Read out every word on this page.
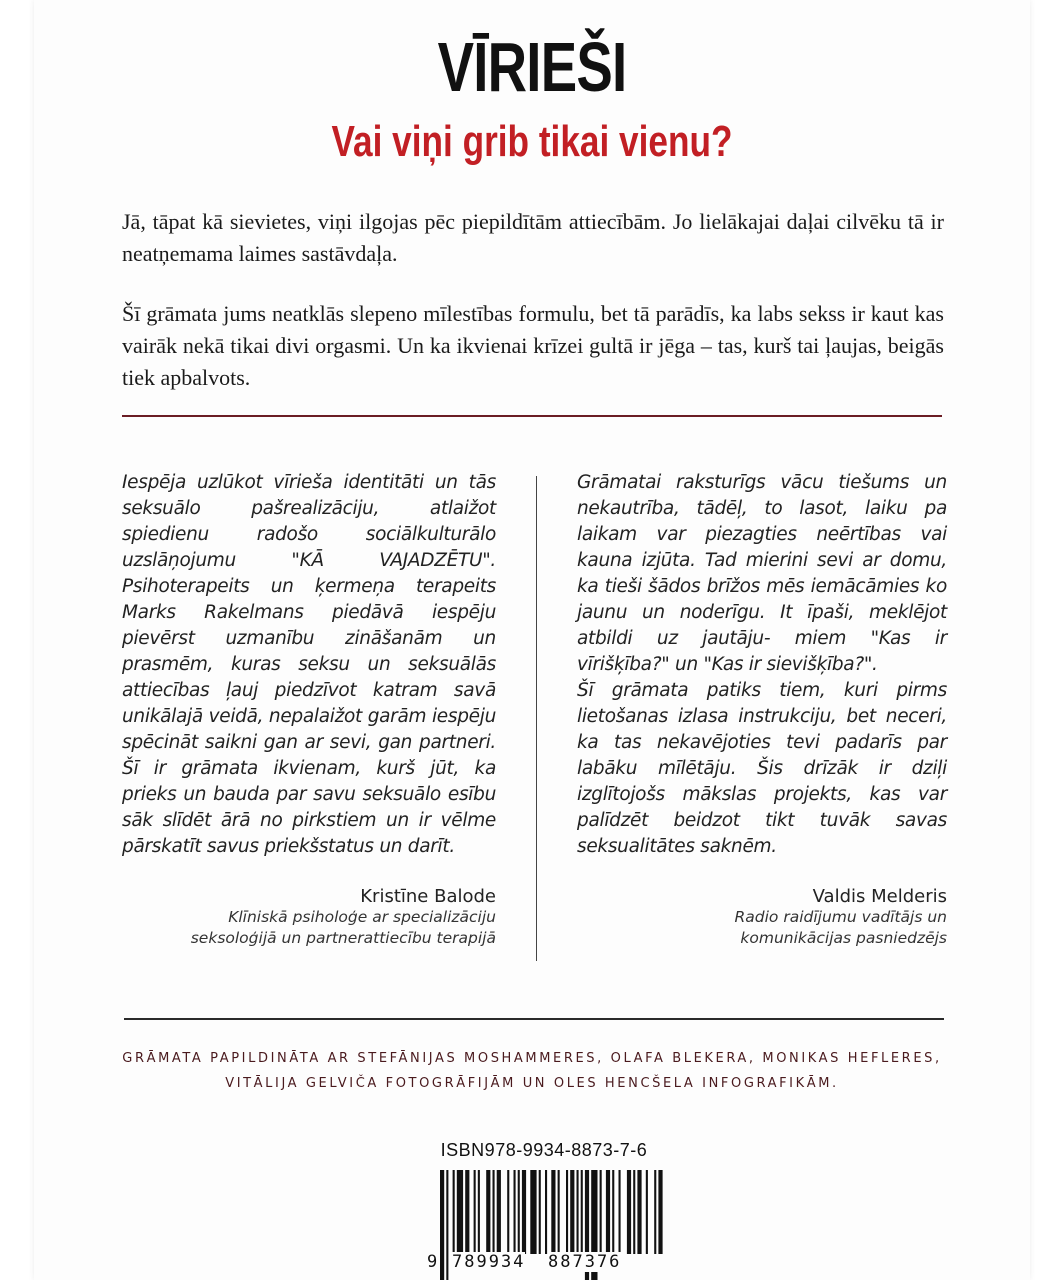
VĪRIEŠI
Vai viņi grib tikai vienu?

Jā, tāpat kā sievietes, viņi ilgojas pēc piepildītām attiecībām. Jo lielākajai daļai cilvēku tā ir neatņemama laimes sastāvdaļa.

Šī grāmata jums neatklās slepeno mīlestības formulu, bet tā parādīs, ka labs sekss ir kaut kas vairāk nekā tikai divi orgasmi. Un ka ikvienai krīzei gultā ir jēga – tas, kurš tai ļaujas, beigās tiek apbalvots.

Iespēja uzlūkot vīrieša identitāti un tās seksuālo pašrealizāciju, atlaižot spiedienu radošo sociālkulturālo uzslāņojumu "KĀ VAJADZĒTU". Psihoterapeits un ķermeņa terapeits Marks Rakelmans piedāvā iespēju pievērst uzmanību zināšanām un prasmēm, kuras seksu un seksuālās attiecības ļauj piedzīvot katram savā unikālajā veidā, nepalaižot garām iespēju spēcināt saikni gan ar sevi, gan partneri. Šī ir grāmata ikvienam, kurš jūt, ka prieks un bauda par savu seksuālo esību sāk slīdēt ārā no pirkstiem un ir vēlme pārskatīt savus priekšstatus un darīt.

Grāmatai raksturīgs vācu tiešums un nekautrība, tādēļ, to lasot, laiku pa laikam var piezagties neērtības vai kauna izjūta. Tad mierini sevi ar domu, ka tieši šādos brīžos mēs iemācāmies ko jaunu un noderīgu. It īpaši, meklējot atbildi uz jautāju- miem "Kas ir vīrišķība?" un "Kas ir sievišķība?".

Šī grāmata patiks tiem, kuri pirms lietošanas izlasa instrukciju, bet neceri, ka tas nekavējoties tevi padarīs par labāku mīlētāju. Šis drīzāk ir dziļi izglītojošs mākslas projekts, kas var palīdzēt beidzot tikt tuvāk savas seksualitātes saknēm.

Kristīne Balode
Klīniskā psiholoģe ar specializāciju
seksoloģijā un partnerattiecību terapijā
Valdis Melderis
Radio raidījumu vadītājs un
komunikācijas pasniedzējs
GRĀMATA PAPILDINĀTA AR STEFĀNIJAS MOSHAMMERES, OLAFA BLEKERA, MONIKAS HEFLERES,
VITĀLIJA GELVIČA FOTOGRĀFIJĀM UN OLES HENCŠELA INFOGRAFIKĀM.
ISBN978-9934-8873-7-6
9 789934 887376
